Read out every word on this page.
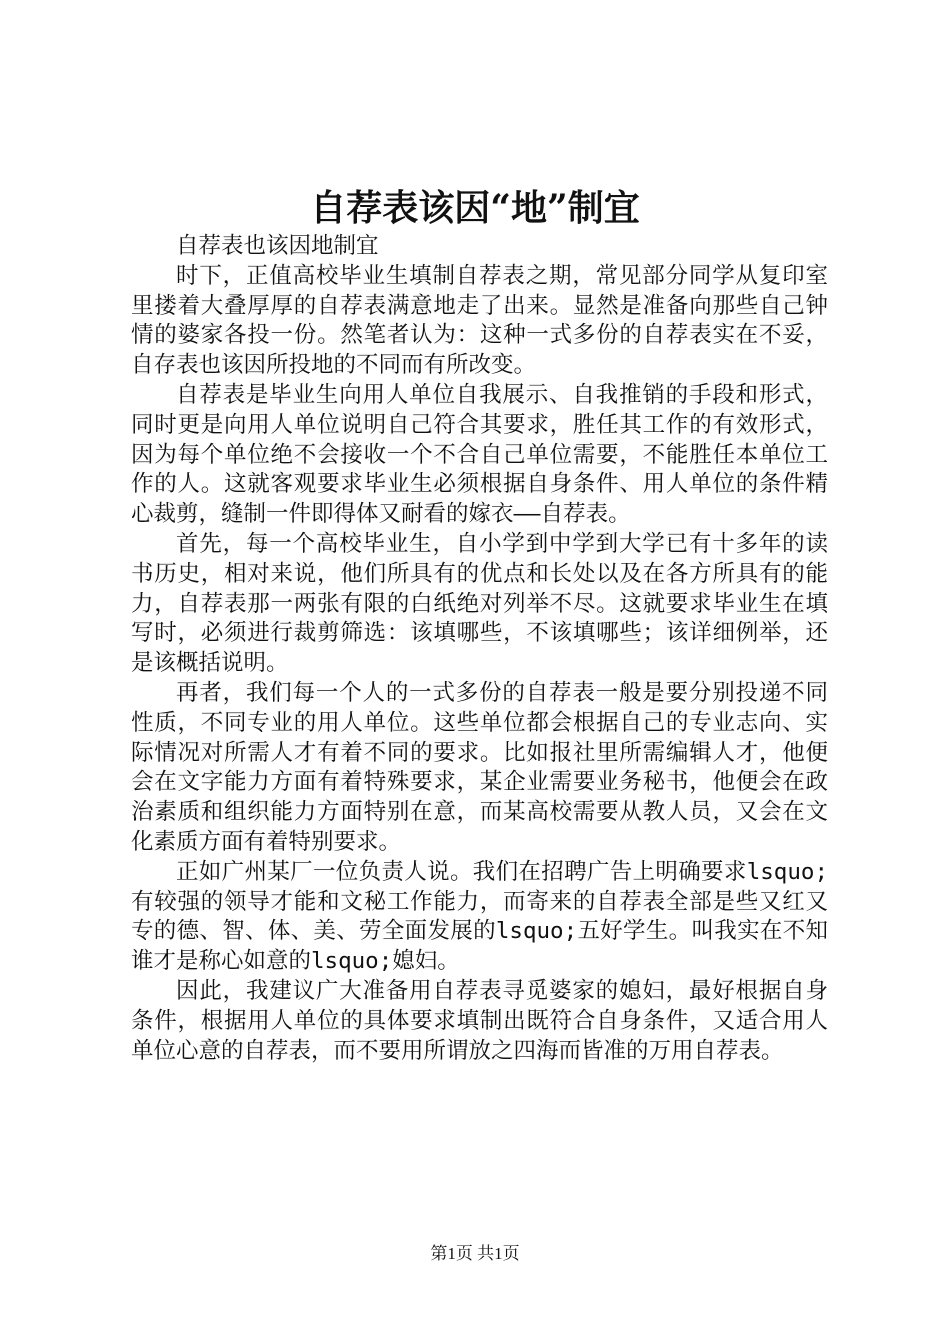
自荐表该因“地”制宜

自荐表也该因地制宜

时下，正值高校毕业生填制自荐表之期，常见部分同学从复印室里搂着大叠厚厚的自荐表满意地走了出来。显然是准备向那些自己钟情的婆家各投一份。然笔者认为：这种一式多份的自荐表实在不妥，自存表也该因所投地的不同而有所改变。

自荐表是毕业生向用人单位自我展示、自我推销的手段和形式，同时更是向用人单位说明自己符合其要求，胜任其工作的有效形式，因为每个单位绝不会接收一个不合自己单位需要，不能胜任本单位工作的人。这就客观要求毕业生必须根据自身条件、用人单位的条件精心裁剪，缝制一件即得体又耐看的嫁衣——自荐表。

首先，每一个高校毕业生，自小学到中学到大学已有十多年的读书历史，相对来说，他们所具有的优点和长处以及在各方所具有的能力，自荐表那一两张有限的白纸绝对列举不尽。这就要求毕业生在填写时，必须进行裁剪筛选：该填哪些，不该填哪些；该详细例举，还是该概括说明。

再者，我们每一个人的一式多份的自荐表一般是要分别投递不同性质，不同专业的用人单位。这些单位都会根据自己的专业志向、实际情况对所需人才有着不同的要求。比如报社里所需编辑人才，他便会在文字能力方面有着特殊要求，某企业需要业务秘书，他便会在政治素质和组织能力方面特别在意，而某高校需要从教人员，又会在文化素质方面有着特别要求。

正如广州某厂一位负责人说。我们在招聘广告上明确要求lsquo;有较强的领导才能和文秘工作能力，而寄来的自荐表全部是些又红又专的德、智、体、美、劳全面发展的lsquo;五好学生。叫我实在不知谁才是称心如意的lsquo;媳妇。

因此，我建议广大准备用自荐表寻觅婆家的媳妇，最好根据自身条件，根据用人单位的具体要求填制出既符合自身条件，又适合用人单位心意的自荐表，而不要用所谓放之四海而皆准的万用自荐表。

第1页 共1页
